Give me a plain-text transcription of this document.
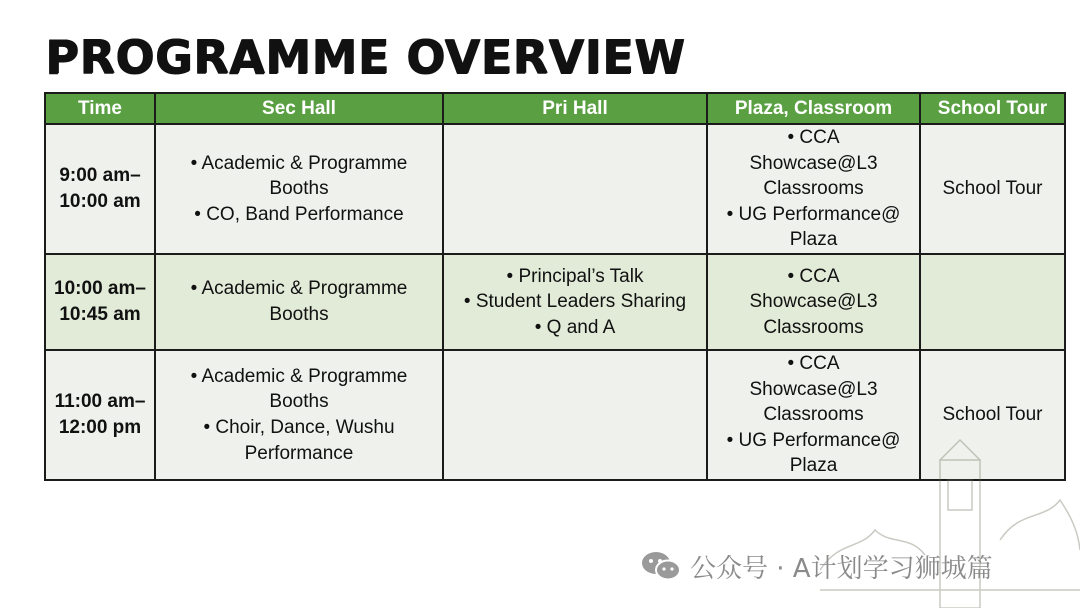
PROGRAMME OVERVIEW
Time	Sec Hall	Pri Hall	Plaza, Classroom	School Tour

9:00 am–
10:00 am	• Academic & Programme
Booths
• CO, Band Performance		• CCA
Showcase@L3
Classrooms
• UG Performance@
Plaza	School Tour

10:00 am–
10:45 am	• Academic & Programme
Booths	• Principal’s Talk
• Student Leaders Sharing
• Q and A	• CCA
Showcase@L3
Classrooms	

11:00 am–
12:00 pm	• Academic & Programme
Booths
• Choir, Dance, Wushu
Performance		• CCA
Showcase@L3
Classrooms
• UG Performance@
Plaza	School Tour
公众号 · A计划学习狮城篇
